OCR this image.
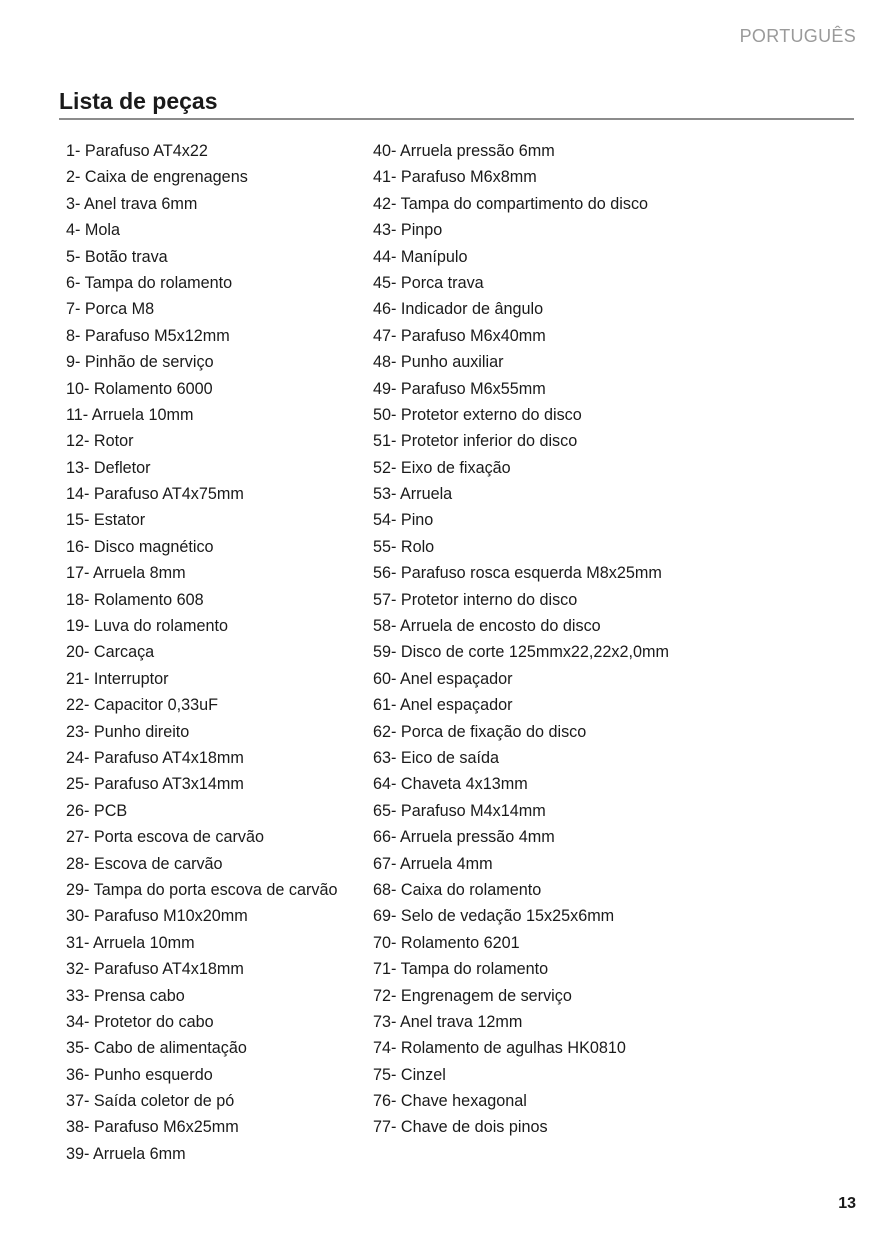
PORTUGUÊS
Lista de peças
1- Parafuso AT4x22
2- Caixa de engrenagens
3- Anel trava 6mm
4- Mola
5- Botão trava
6- Tampa do rolamento
7- Porca M8
8- Parafuso M5x12mm
9- Pinhão de serviço
10- Rolamento 6000
11- Arruela 10mm
12- Rotor
13- Defletor
14- Parafuso AT4x75mm
15- Estator
16- Disco magnético
17- Arruela 8mm
18- Rolamento 608
19- Luva do rolamento
20- Carcaça
21- Interruptor
22- Capacitor 0,33uF
23- Punho direito
24- Parafuso AT4x18mm
25- Parafuso AT3x14mm
26- PCB
27- Porta escova de carvão
28- Escova de carvão
29- Tampa do porta escova de carvão
30- Parafuso M10x20mm
31- Arruela 10mm
32- Parafuso AT4x18mm
33- Prensa cabo
34- Protetor do cabo
35- Cabo de alimentação
36- Punho esquerdo
37- Saída coletor de pó
38- Parafuso M6x25mm
39- Arruela 6mm
40- Arruela pressão 6mm
41- Parafuso M6x8mm
42- Tampa do compartimento do disco
43- Pinpo
44- Manípulo
45- Porca trava
46- Indicador de ângulo
47- Parafuso M6x40mm
48- Punho auxiliar
49- Parafuso M6x55mm
50- Protetor externo do disco
51- Protetor inferior do disco
52- Eixo de fixação
53- Arruela
54- Pino
55- Rolo
56- Parafuso rosca esquerda M8x25mm
57- Protetor interno do disco
58- Arruela de encosto do disco
59- Disco de corte 125mmx22,22x2,0mm
60- Anel espaçador
61- Anel espaçador
62- Porca de fixação do disco
63- Eico de saída
64- Chaveta 4x13mm
65- Parafuso M4x14mm
66- Arruela pressão 4mm
67- Arruela 4mm
68- Caixa do rolamento
69- Selo de vedação 15x25x6mm
70- Rolamento 6201
71- Tampa do rolamento
72- Engrenagem de serviço
73- Anel trava 12mm
74- Rolamento de agulhas HK0810
75- Cinzel
76- Chave hexagonal
77- Chave de dois pinos
13
